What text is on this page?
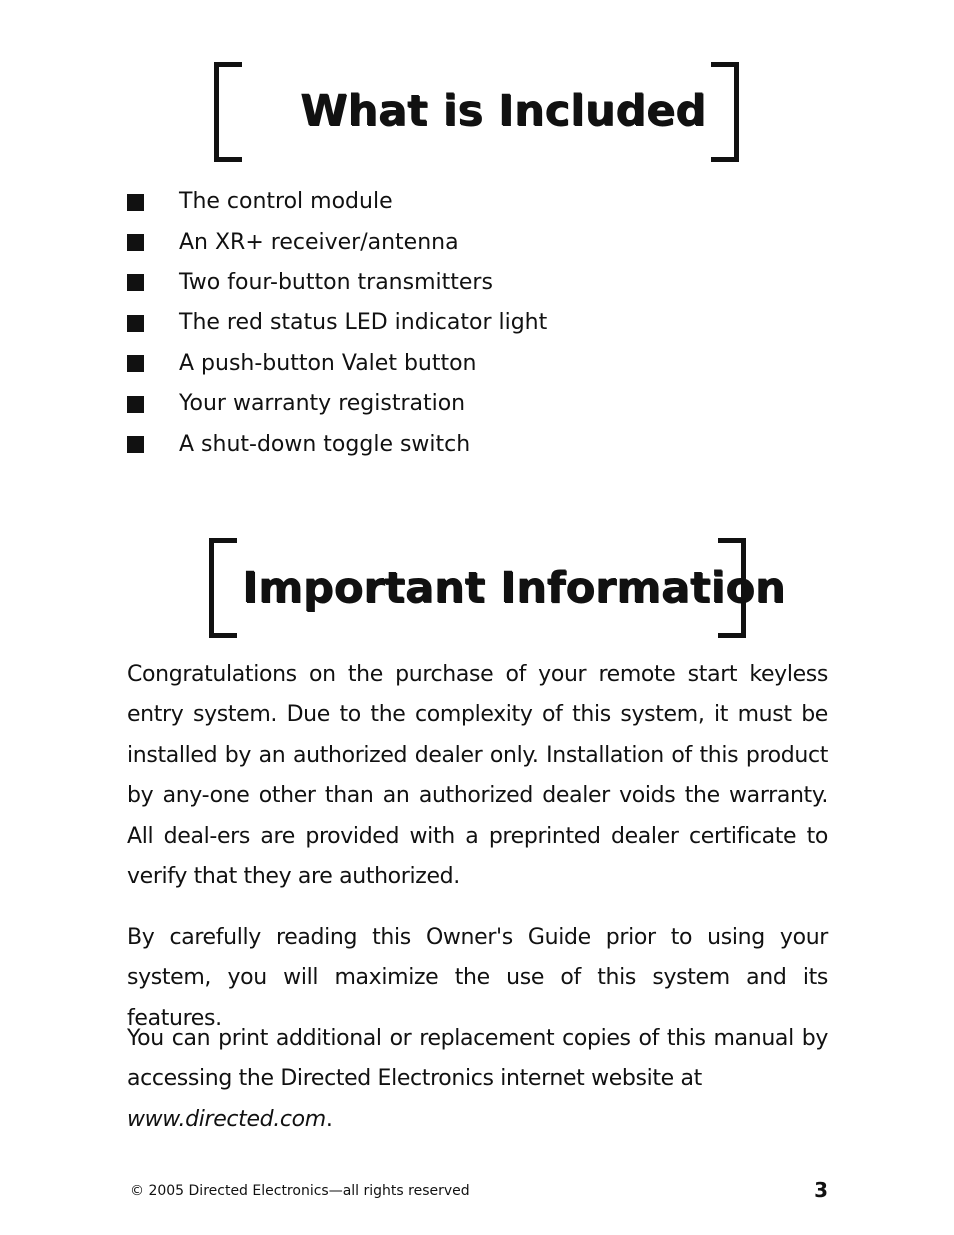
What is Included
The control module
An XR+ receiver/antenna
Two four-button transmitters
The red status LED indicator light
A push-button Valet button
Your warranty registration
A shut-down toggle switch
Important Information

Congratulations on the purchase of your remote start keyless entry system. Due to the complexity of this system, it must be installed by an authorized dealer only. Installation of this product by any-one other than an authorized dealer voids the warranty. All deal-ers are provided with a preprinted dealer certificate to verify that they are authorized.

By carefully reading this Owner's Guide prior to using your system, you will maximize the use of this system and its features.

You can print additional or replacement copies of this manual by accessing the Directed Electronics internet website at
www.directed.com.

© 2005 Directed Electronics—all rights reserved	3
